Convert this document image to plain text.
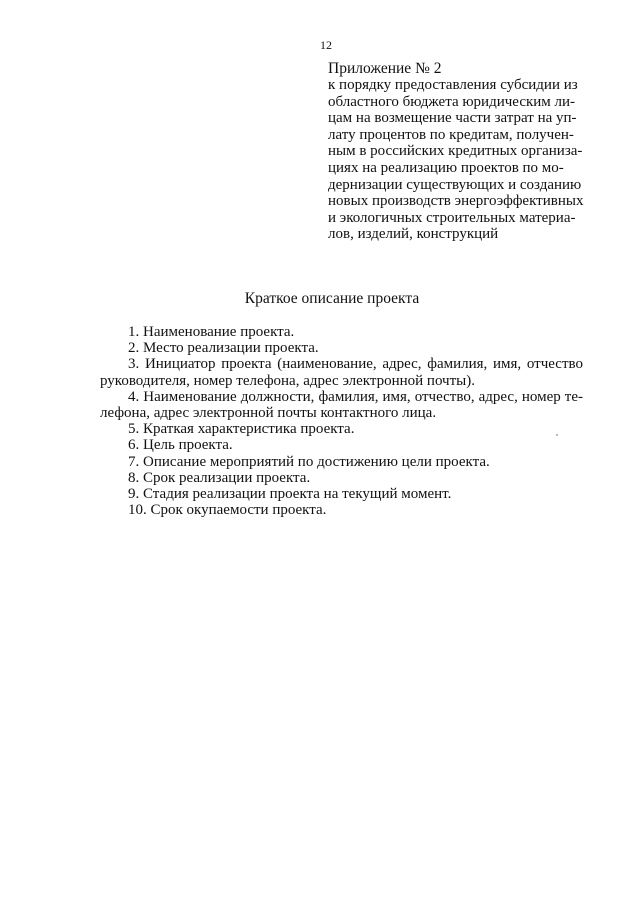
12
Приложение № 2
к порядку предоставления субсидии из
областного бюджета юридическим ли-
цам на возмещение части затрат на уп-
лату процентов по кредитам, получен-
ным в российских кредитных организа-
циях на реализацию проектов по мо-
дернизации существующих и созданию
новых производств энергоэффективных
и экологичных строительных материа-
лов, изделий, конструкций
Краткое описание проекта
1. Наименование проекта.
2. Место реализации проекта.
3. Инициатор проекта (наименование, адрес, фамилия, имя, отчество
руководителя, номер телефона, адрес электронной почты).
4. Наименование должности, фамилия, имя, отчество, адрес, номер те-
лефона, адрес электронной почты контактного лица.
5. Краткая характеристика проекта.
6. Цель проекта.
7. Описание мероприятий по достижению цели проекта.
8. Срок реализации проекта.
9. Стадия реализации проекта на текущий момент.
10. Срок окупаемости проекта.
